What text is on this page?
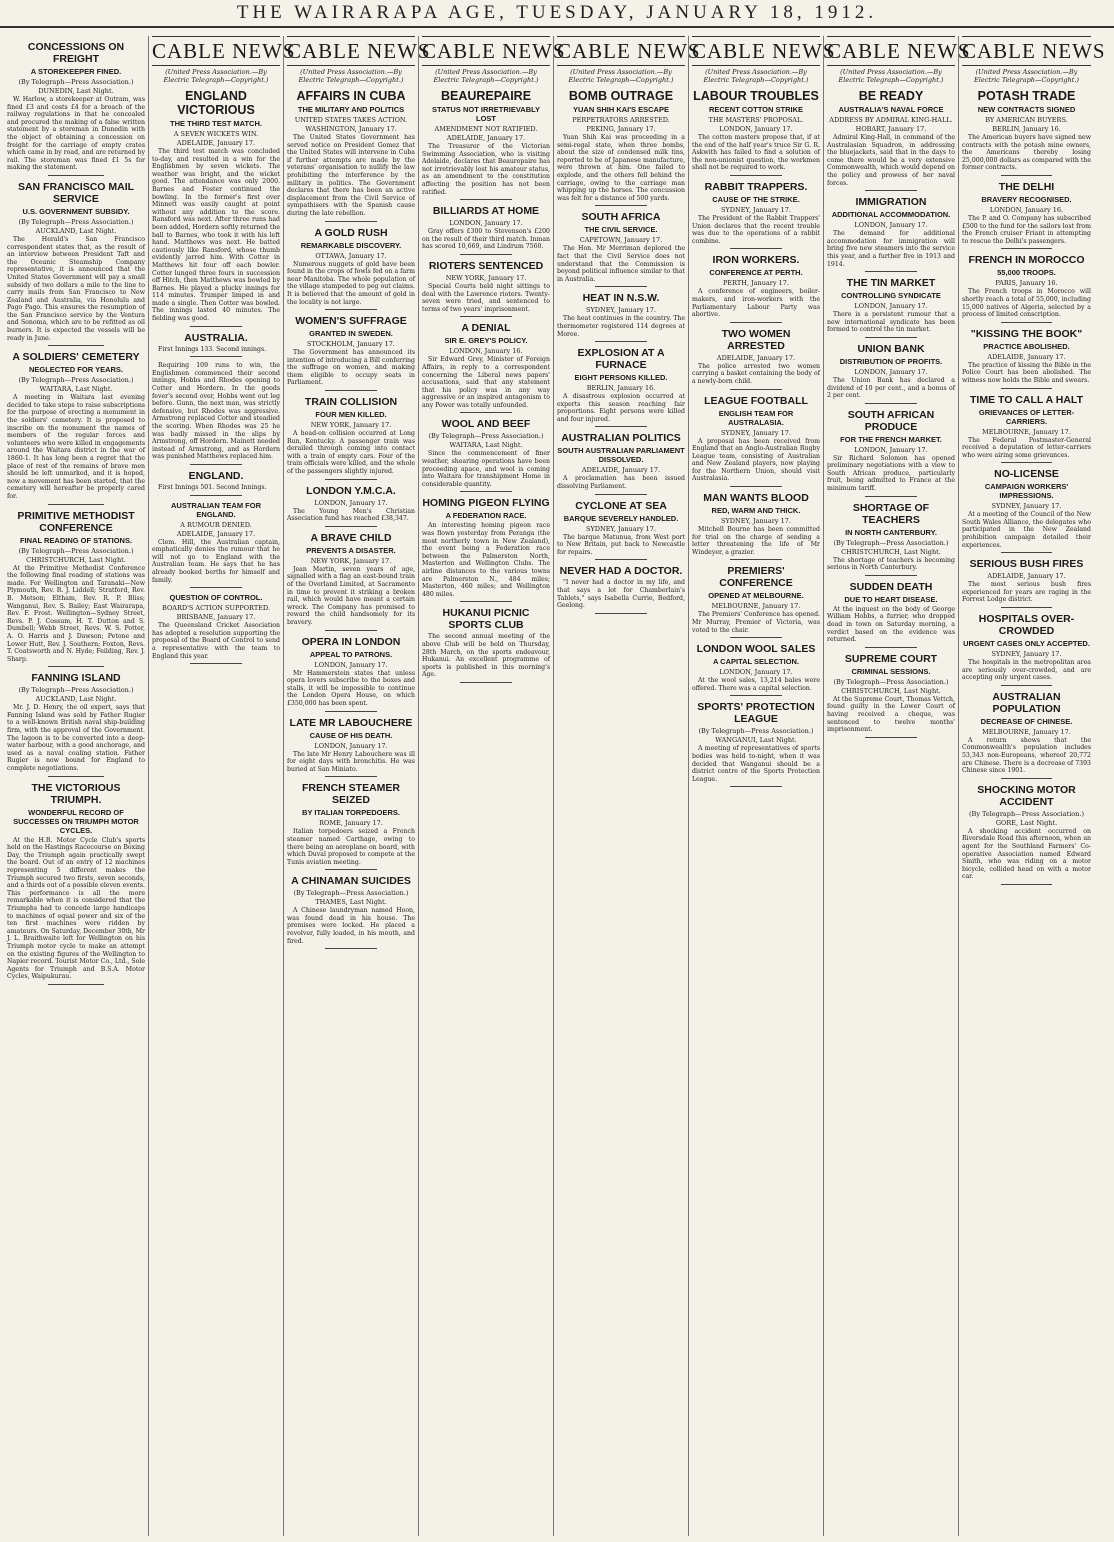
THE WAIRARAPA AGE, TUESDAY, JANUARY 18, 1912.
CONCESSIONS ON FREIGHT
A STOREKEEPER FINED.
(By Telegraph—Press Association.)
DUNEDIN, Last Night.

W. Harlow, a storekeeper at Outram, was fined £3 and costs £4 for a breach of the railway regulations in that he concealed and procured the making of a false written statement by a storeman in Dunedin with the object of obtaining a concession on freight for the carriage of empty crates which came in by road, and are returned by rail. The storeman was fined £1 5s for making the statement.

SAN FRANCISCO MAIL SERVICE
U.S. GOVERNMENT SUBSIDY.
(By Telegraph—Press Association.)
AUCKLAND, Last Night.

The Herald's San Francisco correspondent states that, as the result of an interview between President Taft and the Oceanic Steamship Company representative, it is announced that the United States Government will pay a small subsidy of two dollars a mile to the line to carry mails from San Francisco to New Zealand and Australia, via Honolulu and Pago Pago. This ensures the resumption of the San Francisco service by the Ventura and Sonoma, which are to be refitted as oil burners. It is expected the vessels will be ready in June.

A SOLDIERS' CEMETERY
NEGLECTED FOR YEARS.
(By Telegraph—Press Association.)
WAITARA, Last Night.

A meeting in Waitara last evening decided to take steps to raise subscriptions for the purpose of erecting a monument in the soldiers' cemetery. It is proposed to inscribe on the monument the names of members of the regular forces and volunteers who were killed in engagements around the Waitara district in the war of 1860-1. It has long been a regret that the place of rest of the remains of brave men should be left unmarked, and it is hoped, now a movement has been started, that the cemetery will hereafter be properly cared for.

PRIMITIVE METHODIST CONFERENCE
FINAL READING OF STATIONS.
(By Telegraph—Press Association.)
CHRISTCHURCH, Last Night.

At the Primitive Methodist Conference the following final reading of stations was made. For Wellington and Taranaki—New Plymouth, Rev. R. J. Liddell; Stratford, Rev. B. Metson; Eltham, Rev. R. P. Bliss; Wanganui, Rev. S. Bailey; East Wairarapa, Rev. F. Frost. Wellington—Sydney Street, Revs. P. J. Cossum, H. T. Dutton and S. Dumbell; Webb Street, Revs. W. S. Potter, A. O. Harris and J. Dawson; Petone and Lower Hutt, Rev. J. Southern; Foxton, Revs. T. Coatsworth and N. Hyde; Feilding, Rev. J. Sharp.

FANNING ISLAND
(By Telegraph—Press Association.)
AUCKLAND, Last Night.

Mr. J. D. Henry, the oil expert, says that Fanning Island was sold by Father Rugier to a well-known British naval ship-building firm, with the approval of the Government. The lagoon is to be converted into a deep-water harbour, with a good anchorage, and used as a naval coaling station. Father Rugier is now bound for England to complete negotiations.

THE VICTORIOUS TRIUMPH.
WONDERFUL RECORD OF SUCCESSES ON TRIUMPH MOTOR CYCLES.

At the H.B. Motor Cycle Club's sports held on the Hastings Racecourse on Boxing Day, the Triumph again practically swept the board. Out of an entry of 12 machines representing 5 different makes the Triumph secured two firsts, seven seconds, and a thirds out of a possible eleven events. This performance is all the more remarkable when it is considered that the Triumphs had to concede large handicaps to machines of equal power and six of the ten first machines were ridden by amateurs. On Saturday, December 30th, Mr J. L. Braithwaite left for Wellington on his Triumph motor cycle to make an attempt on the existing figures of the Wellington to Napier record. Tourist Motor Co., Ltd., Sole Agents for Triumph and B.S.A. Motor Cycles, Waipukurau.

CABLE NEWS
(United Press Association.—By Electric Telegraph—Copyright.)
ENGLAND VICTORIOUS
THE THIRD TEST MATCH.
A SEVEN WICKETS WIN.
ADELAIDE, January 17.

The third test match was concluded to-day, and resulted in a win for the Englishmen by seven wickets. The weather was bright, and the wicket good. The attendance was only 2000. Barnes and Foster continued the bowling. In the former's first over Minnett was easily caught at point without any addition to the score. Ransford was next. After three runs had been added, Hordern softly returned the ball to Barnes, who took it with his left hand. Matthews was next. He batted cautiously like Ransford, whose thumb evidently jarred him. With Cotter in Matthews hit four off each bowler. Cotter lunged three fours in succession off Hitch, then Matthews was bowled by Barnes. He played a plucky innings for 114 minutes. Trumper limped in and made a single. Then Cotter was bowled. The innings lasted 40 minutes. The fielding was good.

AUSTRALIA.

First Innings 133. Second innings.

Requiring 109 runs to win, the Englishmen commenced their second innings, Hobbs and Rhodes opening to Cotter and Hordern. In the goods fever's second over, Hobbs went out leg before. Gunn, the next man, was strictly defensive, but Rhodes was aggressive. Armstrong replaced Cotter and steadied the scoring. When Rhodes was 25 he was badly missed in the slips by Armstrong, off Hordern. Mainett needed instead of Armstrong, and as Hordern was punished Matthews replaced him.

ENGLAND.

First Innings 501. Second Innings.

AUSTRALIAN TEAM FOR ENGLAND.
A RUMOUR DENIED.
ADELAIDE, January 17.

Clem. Hill, the Australian captain, emphatically denies the rumour that he will not go to England with the Australian team. He says that he has already booked berths for himself and family.

QUESTION OF CONTROL.
BOARD'S ACTION SUPPORTED.
BRISBANE, January 17.

The Queensland Cricket Association has adopted a resolution supporting the proposal of the Board of Control to send a representative with the team to England this year.

CABLE NEWS
(United Press Association.—By Electric Telegraph—Copyright.)
AFFAIRS IN CUBA
THE MILITARY AND POLITICS
UNITED STATES TAKES ACTION.
WASHINGTON, January 17.

The United States Government has served notice on President Gomez that the United States will intervene in Cuba if further attempts are made by the veterans' organisation to nullify the law prohibiting the interference by the military in politics. The Government declares that there has been an active displacement from the Civil Service of sympathisers with the Spanish cause during the late rebellion.

A GOLD RUSH
REMARKABLE DISCOVERY.
OTTAWA, January 17.

Numerous nuggets of gold have been found in the crops of fowls fed on a farm near Manitoba. The whole population of the village stampeded to peg out claims. It is believed that the amount of gold in the locality is not large.

WOMEN'S SUFFRAGE
GRANTED IN SWEDEN.
STOCKHOLM, January 17.

The Government has announced its intention of introducing a Bill conferring the suffrage on women, and making them eligible to occupy seats in Parliament.

TRAIN COLLISION
FOUR MEN KILLED.
NEW YORK, January 17.

A head-on collision occurred at Long Run, Kentucky. A passenger train was derailed through coming into contact with a train of empty cars. Four of the train officials were killed, and the whole of the passengers slightly injured.

LONDON Y.M.C.A.
LONDON, January 17.

The Young Men's Christian Association fund has reached £38,347.

A BRAVE CHILD
PREVENTS A DISASTER.
NEW YORK, January 17.

Jean Martin, seven years of age, signalled with a flag an east-bound train of the Overland Limited, at Sacramento in time to prevent it striking a broken rail, which would have meant a certain wreck. The Company has promised to reward the child handsomely for its bravery.

OPERA IN LONDON
APPEAL TO PATRONS.
LONDON, January 17.

Mr Hammerstein states that unless opera lovers subscribe to the boxes and stalls, it will be impossible to continue the London Opera House, on which £350,000 has been spent.

LATE MR LABOUCHERE
CAUSE OF HIS DEATH.
LONDON, January 17.

The late Mr Henry Labouchere was ill for eight days with bronchitis. He was buried at San Miniato.

FRENCH STEAMER SEIZED
BY ITALIAN TORPEDOERS.
ROME, January 17.

Italian torpedoers seized a French steamer named Carthage, owing to there being an aeroplane on board, with which Duval proposed to compete at the Tunis aviation meeting.

A CHINAMAN SUICIDES
(By Telegraph—Press Association.)
THAMES, Last Night.

A Chinese laundryman named Hoon, was found dead in his house. The premises were locked. He placed a revolver, fully loaded, in his mouth, and fired.

CABLE NEWS
(United Press Association.—By Electric Telegraph—Copyright.)
BEAUREPAIRE
STATUS NOT IRRETRIEVABLY LOST
AMENDMENT NOT RATIFIED.
ADELAIDE, January 17.

The Treasurer of the Victorian Swimming Association, who is visiting Adelaide, declares that Beaurepaire has not irretrievably lost his amateur status, as an amendment to the constitution affecting the position has not been ratified.

BILLIARDS AT HOME
LONDON, January 17.

Gray offers £300 to Stevenson's £200 on the result of their third match. Inman has scored 10,669, and Lindrum 7560.

RIOTERS SENTENCED
NEW YORK, January 17.

Special Courts held night sittings to deal with the Lawrence rioters. Twenty-seven were tried, and sentenced to terms of two years' imprisonment.

A DENIAL
SIR E. GREY'S POLICY.
LONDON, January 16.

Sir Edward Grey, Minister of Foreign Affairs, in reply to a correspondent concerning the Liberal news papers' accusations, said that any statement that his policy was in any way aggressive or an inspired antagonism to any Power was totally unfounded.

WOOL AND BEEF
(By Telegraph—Press Association.)
WAITARA, Last Night.

Since the commencement of finer weather, shearing operations have been proceeding apace, and wool is coming into Waitara for transhipment Home in considerable quantity.

HOMING PIGEON FLYING
A FEDERATION RACE.

An interesting homing pigeon race was flown yesterday from Peranga (the most northerly town in New Zealand), the event being a Federation race between the Palmerston North, Masterton and Wellington Clubs. The airline distances to the various towns are Palmerston N., 484 miles; Masterton, 460 miles; and Wellington 480 miles.

HUKANUI PICNIC SPORTS CLUB

The second annual meeting of the above Club will be held on Thursday, 28th March, on the sports endeavour, Hukanui. An excellent programme of sports is published in this morning's Age.

CABLE NEWS
(United Press Association.—By Electric Telegraph—Copyright.)
BOMB OUTRAGE
YUAN SHIH KAI'S ESCAPE
PERPETRATORS ARRESTED.
PEKING, January 17.

Yuan Shih Kai was proceeding in a semi-regal state, when three bombs, about the size of condensed milk tins, reported to be of Japanese manufacture, were thrown at him. One failed to explode, and the others fell behind the carriage, owing to the carriage man whipping up the horses. The concussion was felt for a distance of 500 yards.

SOUTH AFRICA
THE CIVIL SERVICE.
CAPETOWN, January 17.

The Hon. Mr Merriman deplored the fact that the Civil Service does not understand that the Commission is beyond political influence similar to that in Australia.

HEAT IN N.S.W.
SYDNEY, January 17.

The heat continues in the country. The thermometer registered 114 degrees at Moree.

EXPLOSION AT A FURNACE
EIGHT PERSONS KILLED.
BERLIN, January 16.

A disastrous explosion occurred at experts this season reaching fair proportions. Eight persons were killed and four injured.

AUSTRALIAN POLITICS
SOUTH AUSTRALIAN PARLIAMENT DISSOLVED.
ADELAIDE, January 17.

A proclamation has been issued dissolving Parliament.

CYCLONE AT SEA
BARQUE SEVERELY HANDLED.
SYDNEY, January 17.

The barque Matunua, from West port to New Britain, put back to Newcastle for repairs.

NEVER HAD A DOCTOR.

"I never had a doctor in my life, and that says a lot for Chamberlain's Tablets," says Isabella Currie, Bedford, Geelong.

CABLE NEWS
(United Press Association.—By Electric Telegraph—Copyright.)
LABOUR TROUBLES
RECENT COTTON STRIKE
THE MASTERS' PROPOSAL.
LONDON, January 17.

The cotton masters propose that, if at the end of the half year's truce Sir G. R. Askwith has failed to find a solution of the non-unionist question, the workmen shall not be required to work.

RABBIT TRAPPERS.
CAUSE OF THE STRIKE.
SYDNEY, January 17.

The President of the Rabbit Trappers' Union declares that the recent trouble was due to the operations of a rabbit combine.

IRON WORKERS.
CONFERENCE AT PERTH.
PERTH, January 17.

A conference of engineers, boiler-makers, and iron-workers with the Parliamentary Labour Party was abortive.

TWO WOMEN ARRESTED
ADELAIDE, January 17.

The police arrested two women carrying a basket containing the body of a newly-born child.

LEAGUE FOOTBALL
ENGLISH TEAM FOR AUSTRALASIA.
SYDNEY, January 17.

A proposal has been received from England that an Anglo-Australian Rugby League team, consisting of Australian and New Zealand players, now playing for the Northern Union, should visit Australasia.

MAN WANTS BLOOD
RED, WARM AND THICK.
SYDNEY, January 17.

Mitchell Bourne has been committed for trial on the charge of sending a letter threatening the life of Mr Windeyer, a grazier.

PREMIERS' CONFERENCE
OPENED AT MELBOURNE.
MELBOURNE, January 17.

The Premiers' Conference has opened. Mr Murray, Premier of Victoria, was voted to the chair.

LONDON WOOL SALES
A CAPITAL SELECTION.
LONDON, January 17.

At the wool sales, 13,214 bales were offered. There was a capital selection.

SPORTS' PROTECTION LEAGUE
(By Telegraph—Press Association.)
WANGANUI, Last Night.

A meeting of representatives of sports bodies was held to-night, when it was decided that Wanganui should be a district centre of the Sports Protection League.

CABLE NEWS
(United Press Association.—By Electric Telegraph—Copyright.)
BE READY
AUSTRALIA'S NAVAL FORCE
ADDRESS BY ADMIRAL KING-HALL.
HOBART, January 17.

Admiral King-Hall, in command of the Australasian Squadron, in addressing the bluejackets, said that in the days to come there would be a very extensive Commonwealth, which would depend on the policy and prowess of her naval forces.

IMMIGRATION
ADDITIONAL ACCOMMODATION.
LONDON, January 17.

The demand for additional accommodation for immigration will bring five new steamers into the service this year, and a further five in 1913 and 1914.

THE TIN MARKET
CONTROLLING SYNDICATE
LONDON, January 17.

There is a persistent rumour that a new international syndicate has been formed to control the tin market.

UNION BANK
DISTRIBUTION OF PROFITS.
LONDON, January 17.

The Union Bank has declared a dividend of 10 per cent., and a bonus of 2 per cent.

SOUTH AFRICAN PRODUCE
FOR THE FRENCH MARKET.
LONDON, January 17.

Sir Richard Solomon has opened preliminary negotiations with a view to South African produce, particularly fruit, being admitted to France at the minimum tariff.

SHORTAGE OF TEACHERS
IN NORTH CANTERBURY.
(By Telegraph—Press Association.)
CHRISTCHURCH, Last Night.

The shortage of teachers is becoming serious in North Canterbury.

SUDDEN DEATH
DUE TO HEART DISEASE.

At the inquest on the body of George William Hobbs, a furrier, who dropped dead in town on Saturday morning, a verdict based on the evidence was returned.

SUPREME COURT
CRIMINAL SESSIONS.
(By Telegraph—Press Association.)
CHRISTCHURCH, Last Night.

At the Supreme Court, Thomas Vettch, found guilty in the Lower Court of having received a cheque, was sentenced to twelve months' imprisonment.

CABLE NEWS
(United Press Association.—By Electric Telegraph—Copyright.)
POTASH TRADE
NEW CONTRACTS SIGNED
BY AMERICAN BUYERS.
BERLIN, January 16.

The American buyers have signed new contracts with the potash mine owners, the Americans thereby losing 25,000,000 dollars as compared with the former contracts.

THE DELHI
BRAVERY RECOGNISED.
LONDON, January 16.

The P. and O. Company has subscribed £500 to the fund for the sailors lost from the French cruiser Friant in attempting to rescue the Delhi's passengers.

FRENCH IN MOROCCO
55,000 TROOPS.
PARIS, January 16.

The French troops in Morocco will shortly reach a total of 55,000, including 15,000 natives of Algeria, selected by a process of limited conscription.

"KISSING THE BOOK"
PRACTICE ABOLISHED.
ADELAIDE, January 17.

The practice of kissing the Bible in the Police Court has been abolished. The witness now holds the Bible and swears.

TIME TO CALL A HALT
GRIEVANCES OF LETTER-CARRIERS.
MELBOURNE, January 17.

The Federal Postmaster-General received a deputation of letter-carriers who were airing some grievances.

NO-LICENSE
CAMPAIGN WORKERS' IMPRESSIONS.
SYDNEY, January 17.

At a meeting of the Council of the New South Wales Alliance, the delegates who participated in the New Zealand prohibition campaign detailed their experiences.

SERIOUS BUSH FIRES
ADELAIDE, January 17.

The most serious bush fires experienced for years are raging in the Forrest Lodge district.

HOSPITALS OVER-CROWDED
URGENT CASES ONLY ACCEPTED.
SYDNEY, January 17.

The hospitals in the metropolitan area are seriously over-crowded, and are accepting only urgent cases.

AUSTRALIAN POPULATION
DECREASE OF CHINESE.
MELBOURNE, January 17.

A return shows that the Commonwealth's population includes 53,343 non-Europeans, whereof 20,772 are Chinese. There is a decrease of 7393 Chinese since 1901.

SHOCKING MOTOR ACCIDENT
(By Telegraph—Press Association.)
GORE, Last Night.

A shocking accident occurred on Riversdale Road this afternoon, when an agent for the Southland Farmers' Co-operative Association named Edward Smith, who was riding on a motor bicycle, collided head on with a motor car.
